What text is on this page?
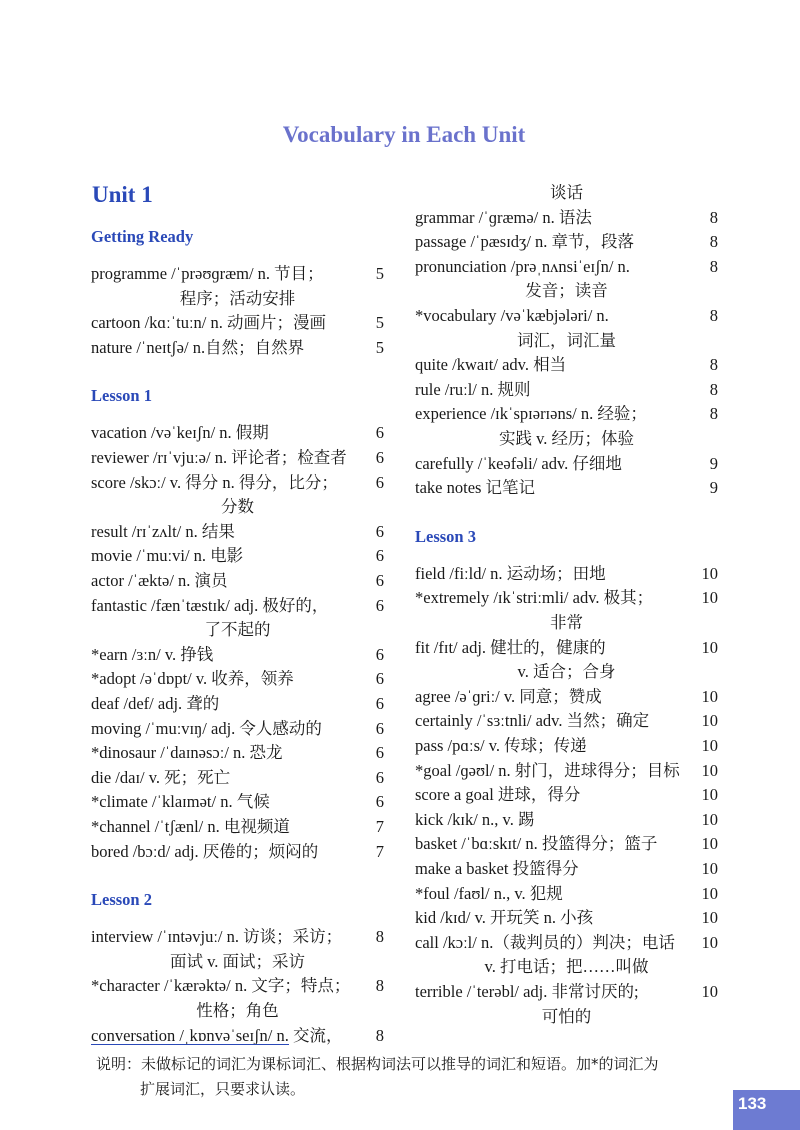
Vocabulary in Each Unit
Unit 1
Getting Ready
programme /ˈprəʊɡræm/ n. 节目；	5
程序；活动安排
cartoon /kɑːˈtuːn/ n. 动画片；漫画	5
nature /ˈneɪtʃə/ n.自然；自然界	5
Lesson 1
vacation /vəˈkeɪʃn/ n. 假期	6
reviewer /rɪˈvjuːə/ n. 评论者；检查者 6
score /skɔː/ v. 得分 n. 得分，比分； 6
分数
result /rɪˈzʌlt/ n. 结果	6
movie /ˈmuːvi/ n. 电影	6
actor /ˈæktə/ n. 演员	6
fantastic /fænˈtæstɪk/ adj. 极好的，	6
了不起的
*earn /ɜːn/ v. 挣钱	6
*adopt /əˈdɒpt/ v. 收养，领养	6
deaf /def/ adj. 聋的	6
moving /ˈmuːvɪŋ/ adj. 令人感动的	6
*dinosaur /ˈdaɪnəsɔː/ n. 恐龙	6
die /daɪ/ v. 死；死亡	6
*climate /ˈklaɪmət/ n. 气候	6
*channel /ˈtʃænl/ n. 电视频道	7
bored /bɔːd/ adj. 厌倦的；烦闷的	7
Lesson 2
interview /ˈɪntəvjuː/ n. 访谈；采访； 8
面试 v. 面试；采访
*character /ˈkærəktə/ n. 文字；特点； 8
性格；角色
conversation /ˌkɒnvəˈseɪʃn/ n. 交流， 8
谈话
grammar /ˈɡræmə/ n. 语法	8
passage /ˈpæsɪdʒ/ n. 章节，段落	8
pronunciation /prəˌnʌnsiˈeɪʃn/ n.	8
发音；读音
*vocabulary /vəˈkæbjələri/ n.	8
词汇，词汇量
quite /kwaɪt/ adv. 相当	8
rule /ruːl/ n. 规则	8
experience /ɪkˈspɪərɪəns/ n. 经验；	8
实践 v. 经历；体验
carefully /ˈkeəfəli/ adv. 仔细地	9
take notes 记笔记	9
Lesson 3
field /fiːld/ n. 运动场；田地	10
*extremely /ɪkˈstriːmli/ adv. 极其；	10
非常
fit /fɪt/ adj. 健壮的，健康的	10
v. 适合；合身
agree /əˈɡriː/ v. 同意；赞成	10
certainly /ˈsɜːtnli/ adv. 当然；确定	10
pass /pɑːs/ v. 传球；传递	10
*goal /ɡəʊl/ n. 射门，进球得分；目标 10
score a goal 进球，得分	10
kick /kɪk/ n., v. 踢	10
basket /ˈbɑːskɪt/ n. 投篮得分；篮子	10
make a basket 投篮得分	10
*foul /faʊl/ n., v. 犯规	10
kid /kɪd/ v. 开玩笑 n. 小孩	10
call /kɔːl/ n.（裁判员的）判决；电话 10
v. 打电话；把……叫做
terrible /ˈterəbl/ adj. 非常讨厌的;	10
可怕的
说明：未做标记的词汇为课标词汇、根据构词法可以推导的词汇和短语。加*的词汇为
扩展词汇，只要求认读。
133
